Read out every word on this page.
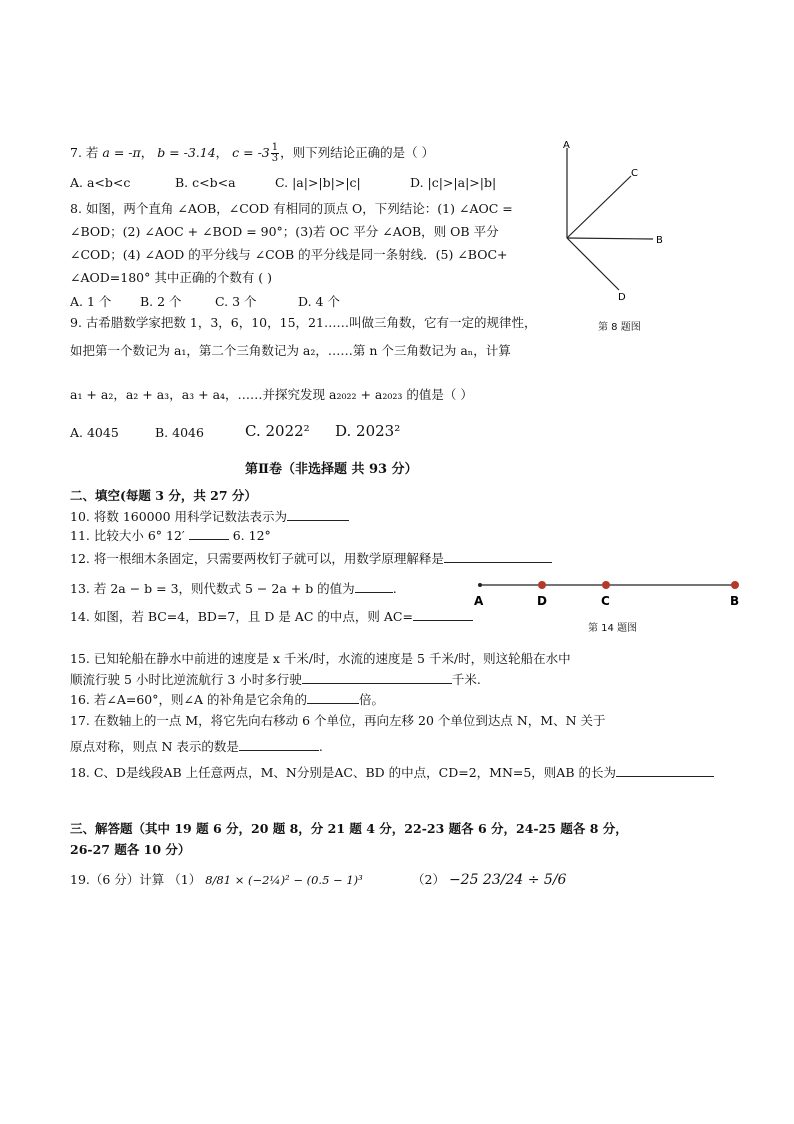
7. 若 a = -π， b = -3.14， $c = -3 \frac{1}{3}$ ，则下列结论正确的是（ ）
A. a<b<c	B. c<b<a	C. |a|>|b|>|c|	D. |c|>|a|>|b|
8. 如图，两个直角 ∠AOB，∠COD 有相同的顶点 O，下列结论：(1) ∠AOC =
∠BOD；(2) ∠AOC + ∠BOD = 90°；(3)若 OC 平分 ∠AOB，则 OB 平分
∠COD；(4) ∠AOD 的平分线与 ∠COB 的平分线是同一条射线．(5) ∠BOC+
∠AOD=180° 其中正确的个数有 ( )
A. 1 个 B. 2 个	C. 3 个	D. 4 个
A
C
B
D
第 8 题图
9. 古希腊数学家把数 1，3，6，10，15，21……叫做三角数，它有一定的规律性，
如把第一个数记为 a₁，第二个三角数记为 a₂，……第 n 个三角数记为 aₙ，计算
a₁ + a₂，a₂ + a₃，a₃ + a₄，……并探究发现 a₂₀₂₂ + a₂₀₂₃ 的值是（ ）
A. 4045	B. 4046	C. 2022² D. 2023²
第Ⅱ卷（非选择题 共 93 分）
二、填空(每题 3 分，共 27 分）
10. 将数 160000 用科学记数法表示为
11. 比较大小 6° 12′	6. 12°
12. 将一根细木条固定，只需要两枚钉子就可以，用数学原理解释是
13. 若 2a − b = 3，则代数式 5 − 2a + b 的值为	.
14. 如图，若 BC=4，BD=7，且 D 是 AC 的中点，则 AC=
A	D	C	B
第 14 题图
15. 已知轮船在静水中前进的速度是 x 千米/时，水流的速度是 5 千米/时，则这轮船在水中
顺流行驶 5 小时比逆流航行 3 小时多行驶	千米.
16. 若∠A=60°，则∠A 的补角是它余角的	倍。
17. 在数轴上的一点 M，将它先向右移动 6 个单位，再向左移 20 个单位到达点 N，M、N 关于
原点对称，则点 N 表示的数是	.
18. C、D是线段AB 上任意两点，M、N分别是AC、BD 的中点，CD=2，MN=5，则AB 的长为
三、解答题（其中 19 题 6 分，20 题 8，分 21 题 4 分，22-23 题各 6 分，24-25 题各 8 分，
26-27 题各 10 分）
19.（6 分）计算 （1） 8/81 × (−2¼)² − (0.5 − 1)³	（2） −25 23/24 ÷ 5/6
